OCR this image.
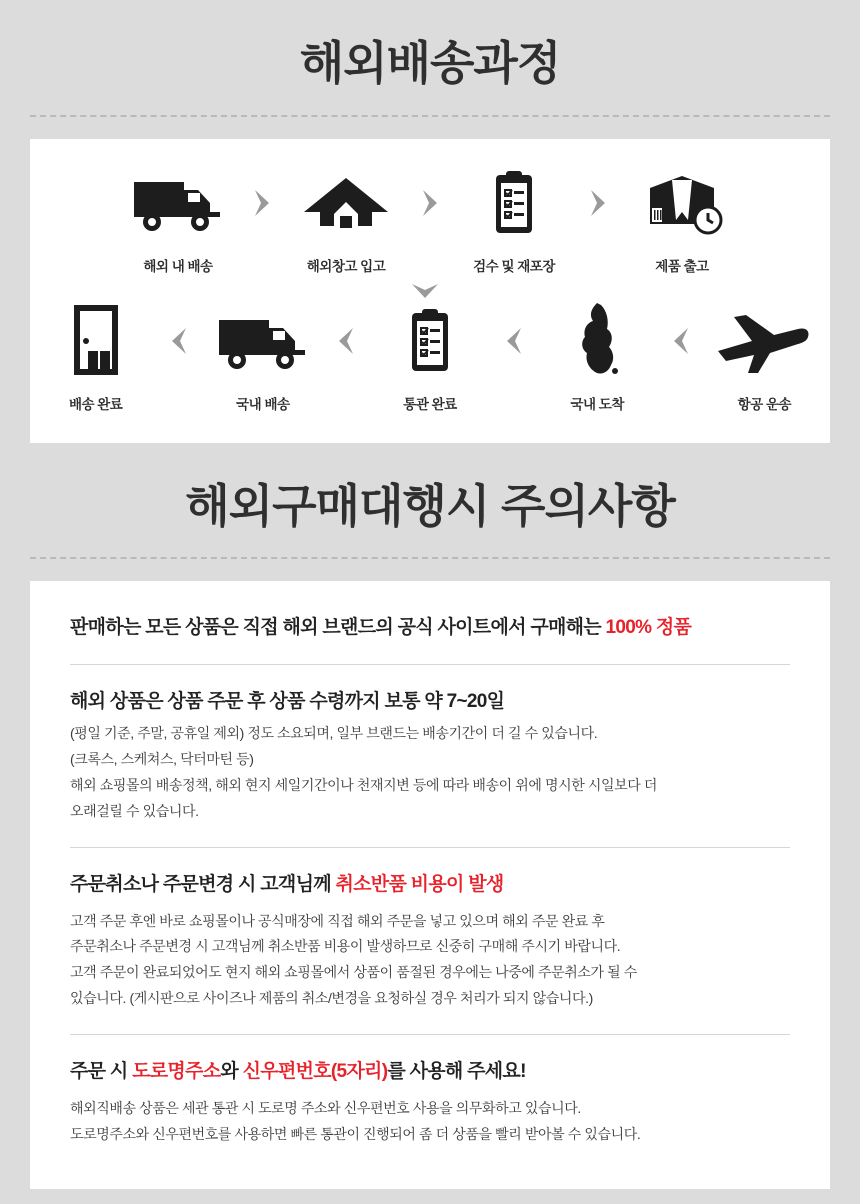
해외배송과정
해외 내 배송	해외창고 입고	검수 및 재포장	제품 출고
배송 완료	국내 배송	통관 완료	국내 도착	항공 운송
해외구매대행시 주의사항

판매하는 모든 상품은 직접 해외 브랜드의 공식 사이트에서 구매해는 100% 정품

해외 상품은 상품 주문 후 상품 수령까지 보통 약 7~20일

(평일 기준, 주말, 공휴일 제외) 정도 소요되며, 일부 브랜드는 배송기간이 더 길 수 있습니다.
(크록스, 스케쳐스, 닥터마틴 등)
해외 쇼핑몰의 배송정책, 해외 현지 세일기간이나 천재지변 등에 따라 배송이 위에 명시한 시일보다 더
오래걸릴 수 있습니다.

주문취소나 주문변경 시 고객님께 취소반품 비용이 발생

고객 주문 후엔 바로 쇼핑몰이나 공식매장에 직접 해외 주문을 넣고 있으며 해외 주문 완료 후
주문취소나 주문변경 시 고객님께 취소반품 비용이 발생하므로 신중히 구매해 주시기 바랍니다.
고객 주문이 완료되었어도 현지 해외 쇼핑몰에서 상품이 품절된 경우에는 나중에 주문취소가 될 수
있습니다. (게시판으로 사이즈나 제품의 취소/변경을 요청하실 경우 처리가 되지 않습니다.)

주문 시 도로명주소와 신우편번호(5자리)를 사용해 주세요!

해외직배송 상품은 세관 통관 시 도로명 주소와 신우편번호 사용을 의무화하고 있습니다.
도로명주소와 신우편번호를 사용하면 빠른 통관이 진행되어 좀 더 상품을 빨리 받아볼 수 있습니다.
